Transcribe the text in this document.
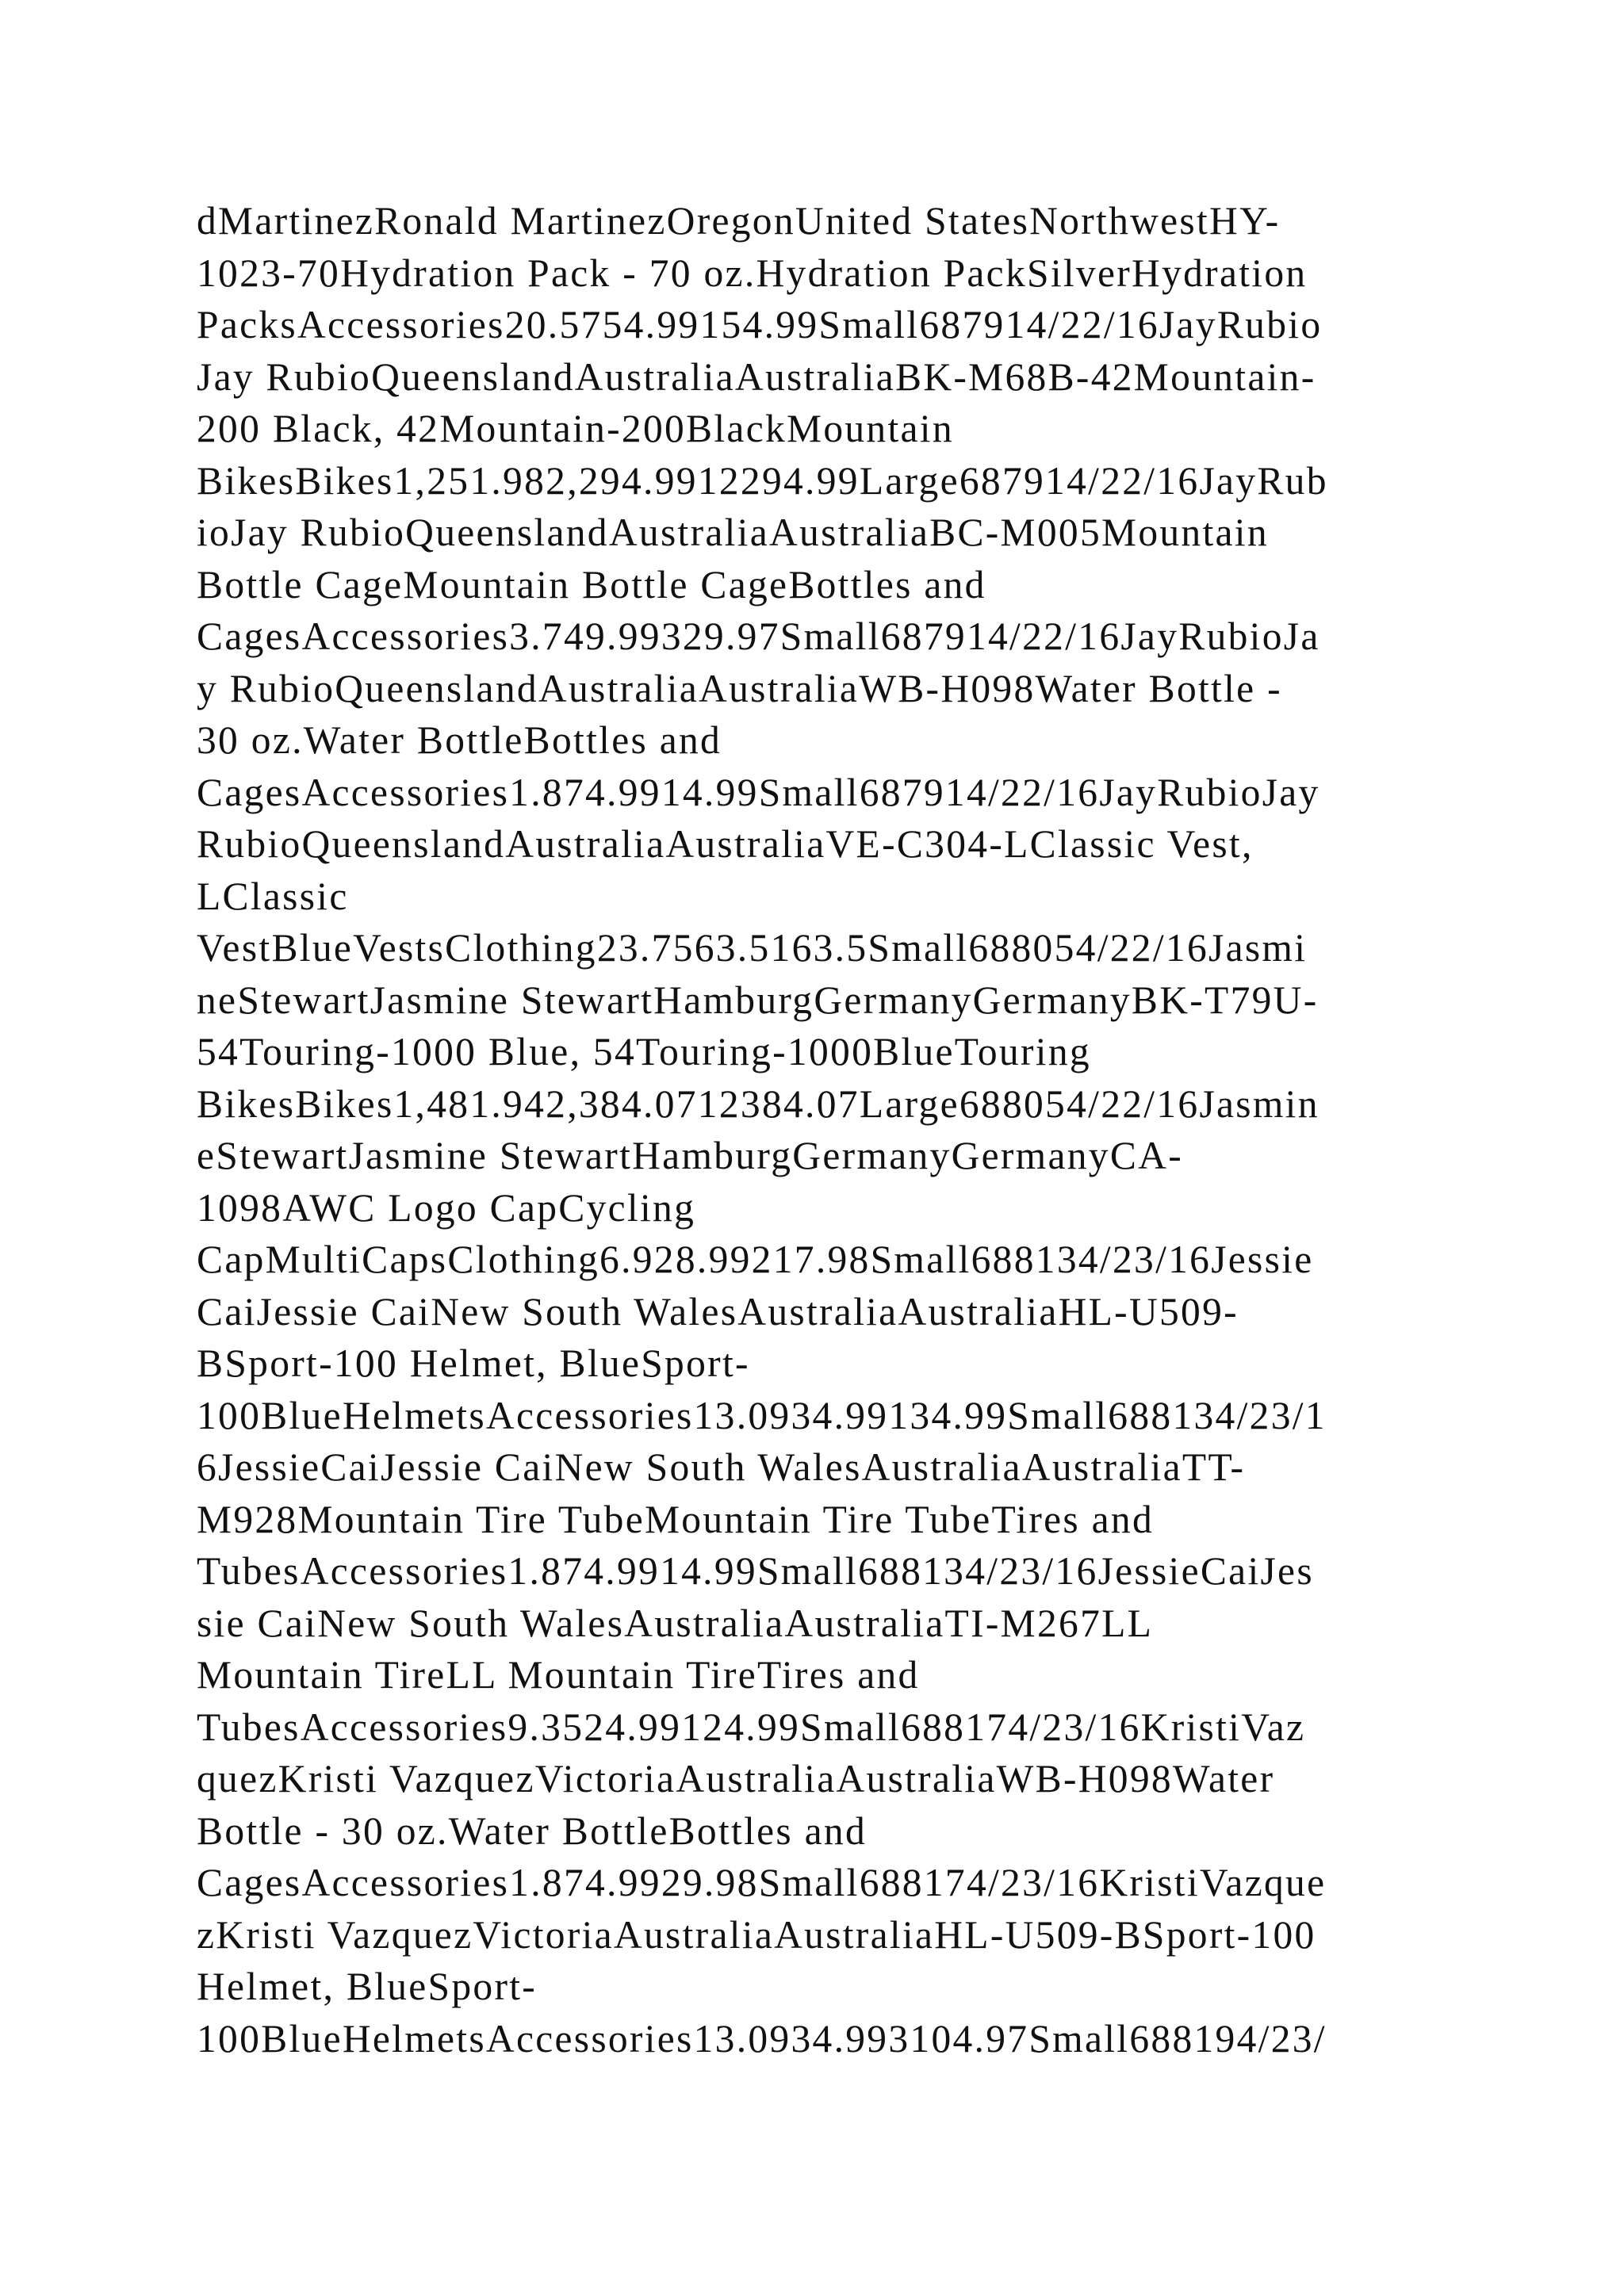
dMartinezRonald MartinezOregonUnited StatesNorthwestHY-
1023-70Hydration Pack - 70 oz.Hydration PackSilverHydration
PacksAccessories20.5754.99154.99Small687914/22/16JayRubio
Jay RubioQueenslandAustraliaAustraliaBK-M68B-42Mountain-
200 Black, 42Mountain-200BlackMountain
BikesBikes1,251.982,294.9912294.99Large687914/22/16JayRub
ioJay RubioQueenslandAustraliaAustraliaBC-M005Mountain
Bottle CageMountain Bottle CageBottles and
CagesAccessories3.749.99329.97Small687914/22/16JayRubioJa
y RubioQueenslandAustraliaAustraliaWB-H098Water Bottle -
30 oz.Water BottleBottles and
CagesAccessories1.874.9914.99Small687914/22/16JayRubioJay
RubioQueenslandAustraliaAustraliaVE-C304-LClassic Vest,
LClassic
VestBlueVestsClothing23.7563.5163.5Small688054/22/16Jasmi
neStewartJasmine StewartHamburgGermanyGermanyBK-T79U-
54Touring-1000 Blue, 54Touring-1000BlueTouring
BikesBikes1,481.942,384.0712384.07Large688054/22/16Jasmin
eStewartJasmine StewartHamburgGermanyGermanyCA-
1098AWC Logo CapCycling
CapMultiCapsClothing6.928.99217.98Small688134/23/16Jessie
CaiJessie CaiNew South WalesAustraliaAustraliaHL-U509-
BSport-100 Helmet, BlueSport-
100BlueHelmetsAccessories13.0934.99134.99Small688134/23/1
6JessieCaiJessie CaiNew South WalesAustraliaAustraliaTT-
M928Mountain Tire TubeMountain Tire TubeTires and
TubesAccessories1.874.9914.99Small688134/23/16JessieCaiJes
sie CaiNew South WalesAustraliaAustraliaTI-M267LL
Mountain TireLL Mountain TireTires and
TubesAccessories9.3524.99124.99Small688174/23/16KristiVaz
quezKristi VazquezVictoriaAustraliaAustraliaWB-H098Water
Bottle - 30 oz.Water BottleBottles and
CagesAccessories1.874.9929.98Small688174/23/16KristiVazque
zKristi VazquezVictoriaAustraliaAustraliaHL-U509-BSport-100
Helmet, BlueSport-
100BlueHelmetsAccessories13.0934.993104.97Small688194/23/
